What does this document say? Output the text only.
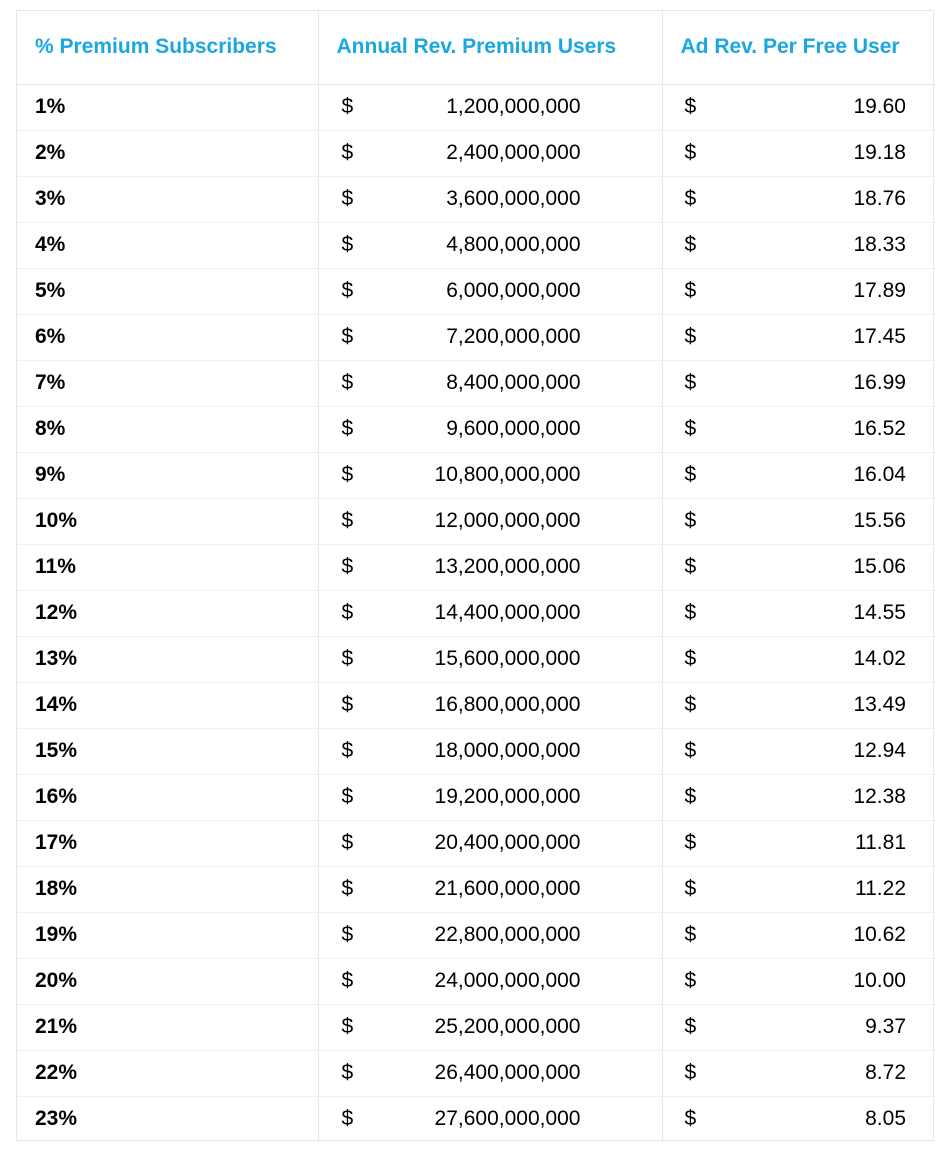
% Premium Subscribers	Annual Rev. Premium Users	Ad Rev. Per Free User
1%	$ 1,200,000,000	$ 19.60

2%	$ 2,400,000,000	$ 19.18

3%	$ 3,600,000,000	$ 18.76

4%	$ 4,800,000,000	$ 18.33

5%	$ 6,000,000,000	$ 17.89

6%	$ 7,200,000,000	$ 17.45

7%	$ 8,400,000,000	$ 16.99

8%	$ 9,600,000,000	$ 16.52

9%	$ 10,800,000,000	$ 16.04

10%	$ 12,000,000,000	$ 15.56

11%	$ 13,200,000,000	$ 15.06

12%	$ 14,400,000,000	$ 14.55

13%	$ 15,600,000,000	$ 14.02

14%	$ 16,800,000,000	$ 13.49

15%	$ 18,000,000,000	$ 12.94

16%	$ 19,200,000,000	$ 12.38

17%	$ 20,400,000,000	$ 11.81

18%	$ 21,600,000,000	$ 11.22

19%	$ 22,800,000,000	$ 10.62

20%	$ 24,000,000,000	$ 10.00

21%	$ 25,200,000,000	$ 9.37

22%	$ 26,400,000,000	$ 8.72

23%	$ 27,600,000,000	$ 8.05
